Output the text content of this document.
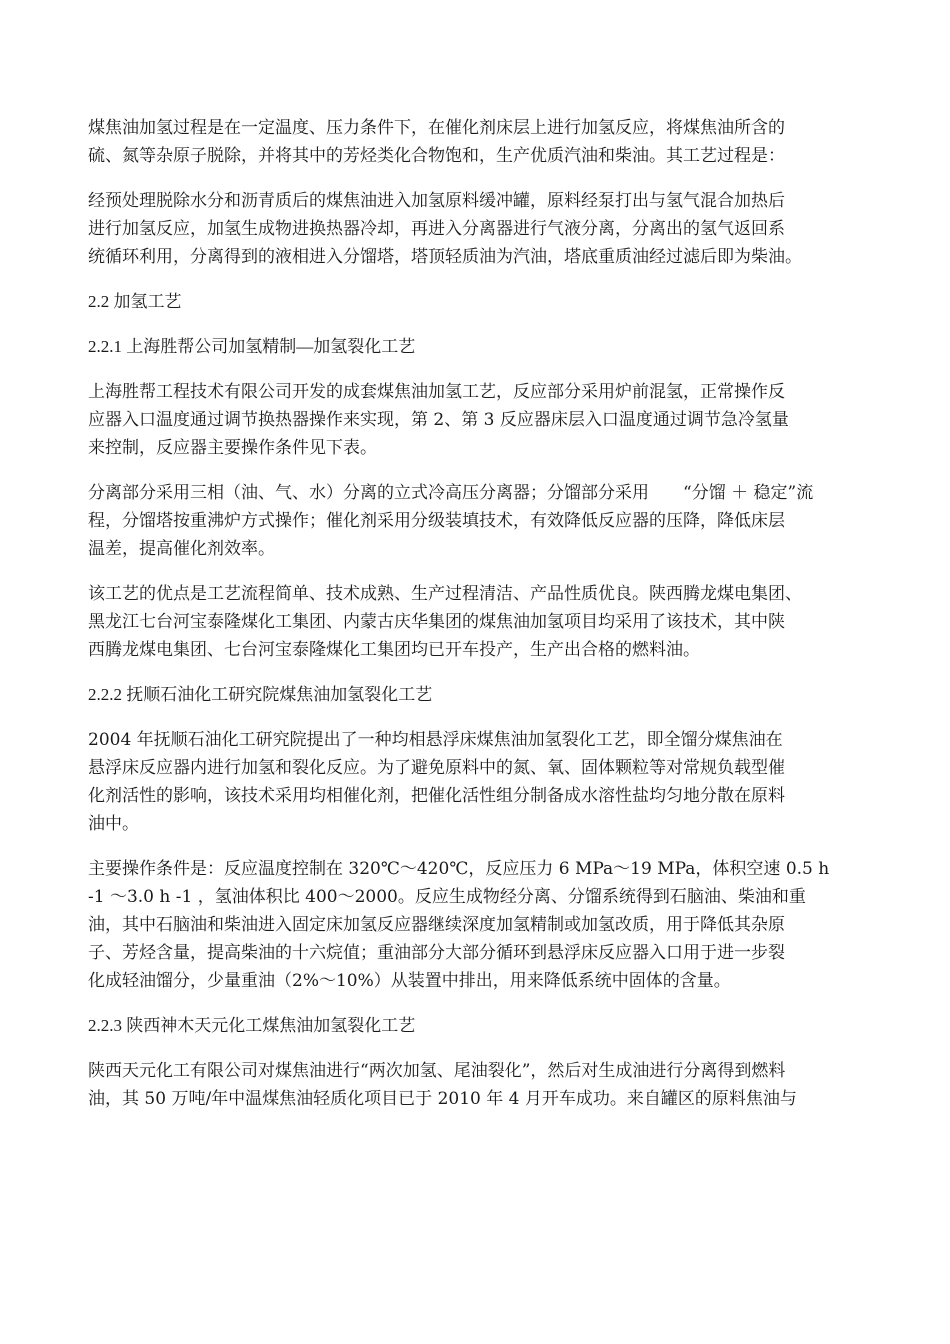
煤焦油加氢过程是在一定温度、压力条件下，在催化剂床层上进行加氢反应，将煤焦油所含的
硫、氮等杂原子脱除，并将其中的芳烃类化合物饱和，生产优质汽油和柴油。其工艺过程是：
经预处理脱除水分和沥青质后的煤焦油进入加氢原料缓冲罐，原料经泵打出与氢气混合加热后
进行加氢反应，加氢生成物进换热器冷却，再进入分离器进行气液分离，分离出的氢气返回系
统循环利用，分离得到的液相进入分馏塔，塔顶轻质油为汽油，塔底重质油经过滤后即为柴油。
2.2 加氢工艺
2.2.1 上海胜帮公司加氢精制—加氢裂化工艺
上海胜帮工程技术有限公司开发的成套煤焦油加氢工艺，反应部分采用炉前混氢，正常操作反
应器入口温度通过调节换热器操作来实现，第 2、第 3 反应器床层入口温度通过调节急冷氢量
来控制，反应器主要操作条件见下表。
分离部分采用三相（油、气、水）分离的立式冷高压分离器；分馏部分采用　　“分馏 ＋ 稳定”流
程，分馏塔按重沸炉方式操作；催化剂采用分级装填技术，有效降低反应器的压降，降低床层
温差，提高催化剂效率。
该工艺的优点是工艺流程简单、技术成熟、生产过程清洁、产品性质优良。陕西腾龙煤电集团、
黑龙江七台河宝泰隆煤化工集团、内蒙古庆华集团的煤焦油加氢项目均采用了该技术，其中陕
西腾龙煤电集团、七台河宝泰隆煤化工集团均已开车投产，生产出合格的燃料油。
2.2.2 抚顺石油化工研究院煤焦油加氢裂化工艺
2004 年抚顺石油化工研究院提出了一种均相悬浮床煤焦油加氢裂化工艺，即全馏分煤焦油在
悬浮床反应器内进行加氢和裂化反应。为了避免原料中的氮、氧、固体颗粒等对常规负载型催
化剂活性的影响，该技术采用均相催化剂，把催化活性组分制备成水溶性盐均匀地分散在原料
油中。
主要操作条件是：反应温度控制在 320℃～420℃，反应压力 6 MPa～19 MPa，体积空速 0.5 h
-1 ～3.0 h -1 ，氢油体积比 400～2000。反应生成物经分离、分馏系统得到石脑油、柴油和重
油，其中石脑油和柴油进入固定床加氢反应器继续深度加氢精制或加氢改质，用于降低其杂原
子、芳烃含量，提高柴油的十六烷值；重油部分大部分循环到悬浮床反应器入口用于进一步裂
化成轻油馏分，少量重油（2%～10%）从装置中排出，用来降低系统中固体的含量。
2.2.3 陕西神木天元化工煤焦油加氢裂化工艺
陕西天元化工有限公司对煤焦油进行“两次加氢、尾油裂化”，然后对生成油进行分离得到燃料
油，其 50 万吨/年中温煤焦油轻质化项目已于 2010 年 4 月开车成功。来自罐区的原料焦油与
